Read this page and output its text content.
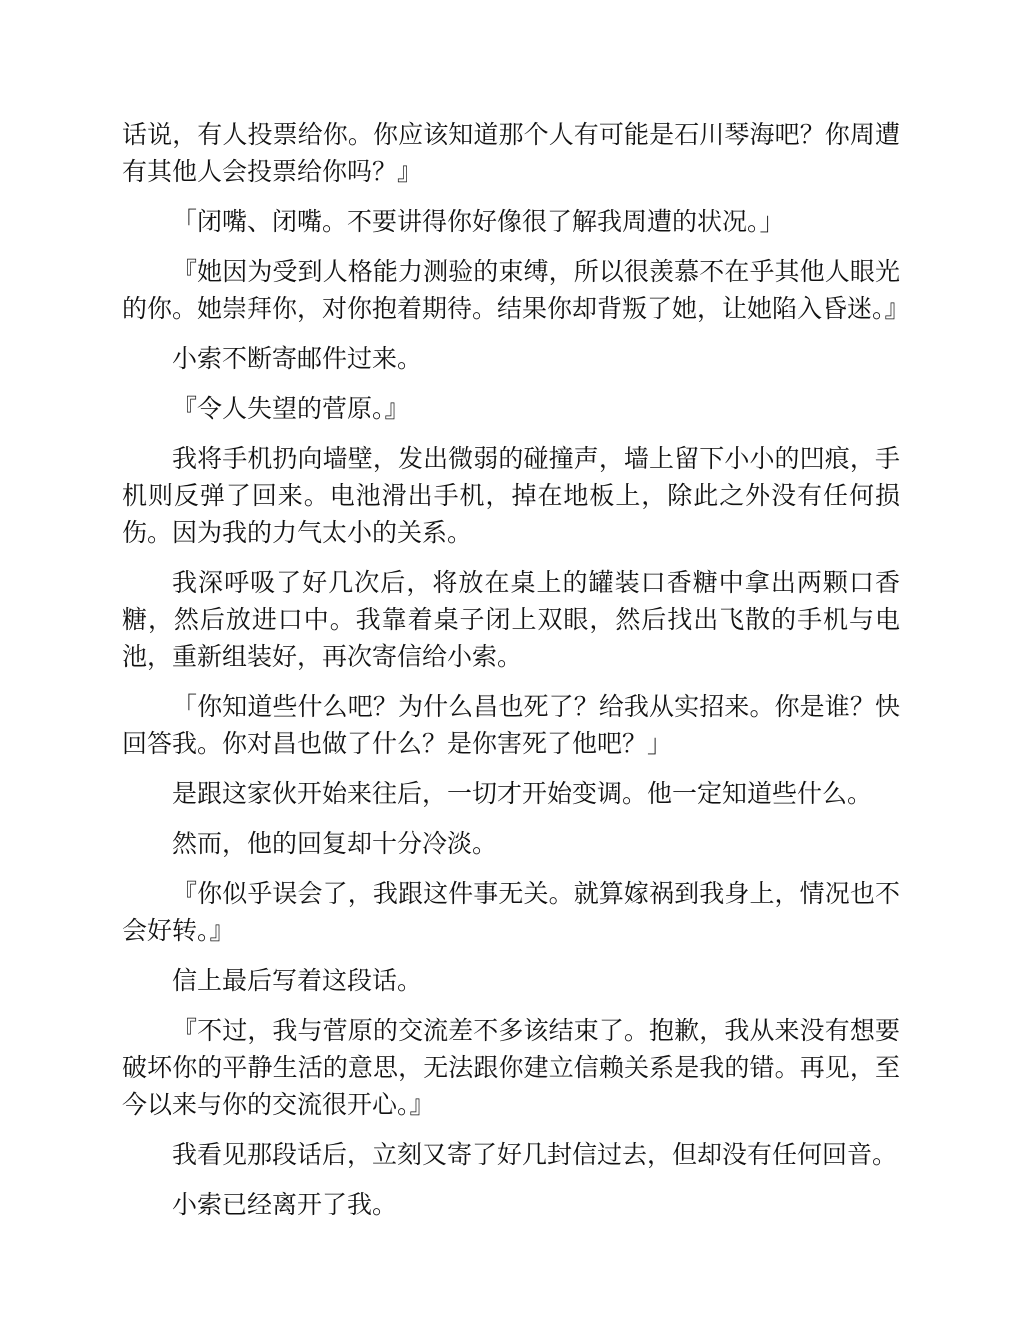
话说，有人投票给你。你应该知道那个人有可能是石川琴海吧？你周遭有其他人会投票给你吗？』

「闭嘴、闭嘴。不要讲得你好像很了解我周遭的状况。」

『她因为受到人格能力测验的束缚，所以很羡慕不在乎其他人眼光的你。她崇拜你，对你抱着期待。结果你却背叛了她，让她陷入昏迷。』

小索不断寄邮件过来。

『令人失望的菅原。』

我将手机扔向墙壁，发出微弱的碰撞声，墙上留下小小的凹痕，手机则反弹了回来。电池滑出手机，掉在地板上，除此之外没有任何损伤。因为我的力气太小的关系。

我深呼吸了好几次后，将放在桌上的罐装口香糖中拿出两颗口香糖，然后放进口中。我靠着桌子闭上双眼，然后找出飞散的手机与电池，重新组装好，再次寄信给小索。

「你知道些什么吧？为什么昌也死了？给我从实招来。你是谁？快回答我。你对昌也做了什么？是你害死了他吧？」

是跟这家伙开始来往后，一切才开始变调。他一定知道些什么。

然而，他的回复却十分冷淡。

『你似乎误会了，我跟这件事无关。就算嫁祸到我身上，情况也不会好转。』

信上最后写着这段话。

『不过，我与菅原的交流差不多该结束了。抱歉，我从来没有想要破坏你的平静生活的意思，无法跟你建立信赖关系是我的错。再见，至今以来与你的交流很开心。』

我看见那段话后，立刻又寄了好几封信过去，但却没有任何回音。

小索已经离开了我。
